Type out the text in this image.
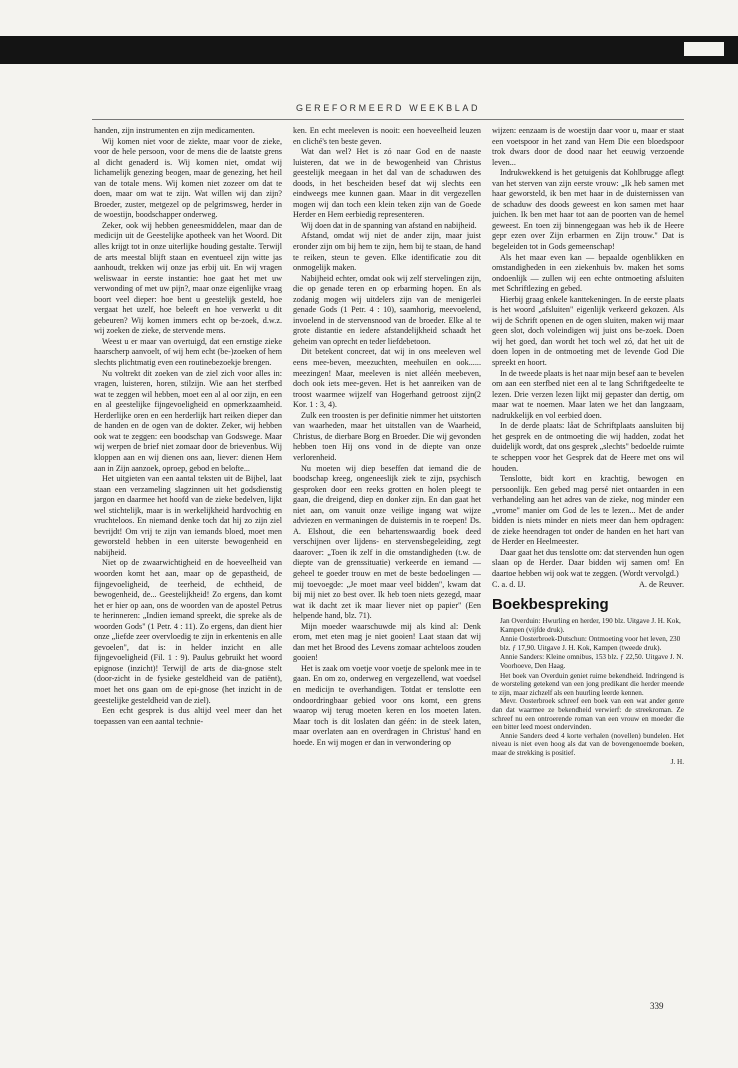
GEREFORMEERD WEEKBLAD

handen, zijn instrumenten en zijn medicamenten.

Wij komen niet voor de ziekte, maar voor de zieke, voor de hele persoon, voor de mens die de laatste grens al dicht genaderd is. Wij komen niet, omdat wij lichamelijk genezing beogen, maar de genezing, het heil van de totale mens. Wij komen niet zozeer om dat te doen, maar om wat te zijn. Wat willen wij dan zijn? Broeder, zuster, metgezel op de pelgrimsweg, herder in de woestijn, boodschapper onderweg.

Zeker, ook wij hebben geneesmiddelen, maar dan de medicijn uit de Geestelijke apotheek van het Woord. Dit alles krijgt tot in onze uiterlijke houding gestalte. Terwijl de arts meestal blijft staan en eventueel zijn witte jas aanhoudt, trekken wij onze jas erbij uit. En wij vragen weliswaar in eerste instantie: hoe gaat het met uw verwonding of met uw pijn?, maar onze eigenlijke vraag boort veel dieper: hoe bent u geestelijk gesteld, hoe vergaat het uzelf, hoe beleeft en hoe verwerkt u dit gebeuren? Wij komen immers echt op be-zoek, d.w.z. wij zoeken de zieke, de stervende mens.

Weest u er maar van overtuigd, dat een ernstige zieke haarscherp aanvoelt, of wij hem echt (be-)zoeken of hem slechts plichtmatig even een routinebezoekje brengen.

Nu voltrekt dit zoeken van de ziel zich voor alles in: vragen, luisteren, horen, stilzijn. Wie aan het sterfbed wat te zeggen wil hebben, moet een al al oor zijn, en een en al geestelijke fijngevoeligheid en opmerkzaamheid. Herderlijke oren en een herderlijk hart reiken dieper dan de handen en de ogen van de dokter. Zeker, wij hebben ook wat te zeggen: een boodschap van Godswege. Maar wij werpen de brief niet zomaar door de brievenbus. Wij kloppen aan en wij dienen ons aan, liever: dienen Hem aan in Zijn aanzoek, oproep, gebod en belofte...

Het uitgieten van een aantal teksten uit de Bijbel, laat staan een verzameling slagzinnen uit het godsdienstig jargon en daarmee het hoofd van de zieke bedelven, lijkt wel stichtelijk, maar is in werkelijkheid hardvochtig en vruchteloos. En niemand denke toch dat hij zo zijn ziel bevrijdt! Om vrij te zijn van iemands bloed, moet men geworsteld hebben in een uiterste bewogenheid en nabijheid.

Niet op de zwaarwichtigheid en de hoeveelheid van woorden komt het aan, maar op de gepastheid, de fijngevoeligheid, de teerheid, de echtheid, de bewogenheid, de... Geestelijkheid! Zo ergens, dan komt het er hier op aan, ons de woorden van de apostel Petrus te herinneren: „Indien iemand spreekt, die spreke als de woorden Gods" (1 Petr. 4 : 11). Zo ergens, dan dient hier onze „liefde zeer overvloedig te zijn in erkentenis en alle gevoelen", dat is: in helder inzicht en alle fijngevoeligheid (Fil. 1 : 9). Paulus gebruikt het woord epignose (inzicht)! Terwijl de arts de dia-gnose stelt (door-zicht in de fysieke gesteldheid van de patiënt), moet het ons gaan om de epi-gnose (het inzicht in de geestelijke gesteldheid van de ziel).

Een echt gesprek is dus altijd veel meer dan het toepassen van een aantal technie-

ken. En echt meeleven is nooit: een hoeveelheid leuzen en cliché's ten beste geven.

Wat dan wel? Het is zó naar God en de naaste luisteren, dat we in de bewogenheid van Christus geestelijk meegaan in het dal van de schaduwen des doods, in het bescheiden besef dat wij slechts een eindweegs mee kunnen gaan. Maar in dit vergezellen mogen wij dan toch een klein teken zijn van de Goede Herder en Hem eerbiedig representeren.

Wij doen dat in de spanning van afstand en nabijheid.

Afstand, omdat wij niet de ander zijn, maar juist eronder zijn om bij hem te zijn, hem bij te staan, de hand te reiken, steun te geven. Elke identificatie zou dit onmogelijk maken.

Nabijheid echter, omdat ook wij zelf stervelingen zijn, die op genade teren en op erbarming hopen. En als zodanig mogen wij uitdelers zijn van de menigerlei genade Gods (1 Petr. 4 : 10), saamhorig, meevoelend, invoelend in de stervensnood van de broeder. Elke al te grote distantie en iedere afstandelijkheid schaadt het geheim van oprecht en teder liefdebetoon.

Dit betekent concreet, dat wij in ons meeleven wel eens mee-beven, meezuchten, meehuilen en ook...... meezingen! Maar, meeleven is niet alléén meebeven, doch ook iets mee-geven. Het is het aanreiken van de troost waarmee wijzelf van Hogerhand getroost zijn(2 Kor. 1 : 3, 4).

Zulk een troosten is per definitie nimmer het uitstorten van waarheden, maar het uitstallen van de Waarheid, Christus, de dierbare Borg en Broeder. Die wij gevonden hebben toen Hij ons vond in de diepte van onze verlorenheid.

Nu moeten wij diep beseffen dat iemand die de boodschap kreeg, ongeneeslijk ziek te zijn, psychisch gesproken door een reeks grotten en holen pleegt te gaan, die dreigend, diep en donker zijn. En dan gaat het niet aan, om vanuit onze veilige ingang wat wijze adviezen en vermaningen de duisternis in te roepen! Ds. A. Elshout, die een behartenswaardig boek deed verschijnen over lijdens- en stervensbegeleiding, zegt daarover: „Toen ik zelf in die omstandigheden (t.w. de diepte van de grenssituatie) verkeerde en iemand — geheel te goeder trouw en met de beste bedoelingen — mij toevoegde: „Je moet maar veel bidden", kwam dat bij mij niet zo best over. Ik heb toen niets gezegd, maar wat ik dacht zet ik maar liever niet op papier" (Een helpende hand, blz. 71).

Mijn moeder waarschuwde mij als kind al: Denk erom, met eten mag je niet gooien! Laat staan dat wij dan met het Brood des Levens zomaar achteloos zouden gooien!

Het is zaak om voetje voor voetje de spelonk mee in te gaan. En om zo, onderweg en vergezellend, wat voedsel en medicijn te overhandigen. Totdat er tenslotte een ondoordringbaar gebied voor ons komt, een grens waarop wij terug moeten keren en los moeten laten. Maar toch is dit loslaten dan géén: in de steek laten, maar overlaten aan en overdragen in Christus' hand en hoede. En wij mogen er dan in verwondering op

wijzen: eenzaam is de woestijn daar voor u, maar er staat een voetspoor in het zand van Hem Die een bloedspoor trok dwars door de dood naar het eeuwig verzoende leven...

Indrukwekkend is het getuigenis dat Kohlbrugge aflegt van het sterven van zijn eerste vrouw: „Ik heb samen met haar geworsteld, ik ben met haar in de duisternissen van de schaduw des doods geweest en kon samen met haar juichen. Ik ben met haar tot aan de poorten van de hemel geweest. En toen zij binnengegaan was heb ik de Heere gepr ezen over Zijn erbarmen en Zijn trouw." Dat is begeleiden tot in Gods gemeenschap!

Als het maar even kan — bepaalde ogenblikken en omstandigheden in een ziekenhuis bv. maken het soms ondoenlijk — zullen wij een echte ontmoeting afsluiten met Schriftlezing en gebed.

Hierbij graag enkele kanttekeningen. In de eerste plaats is het woord „afsluiten" eigenlijk verkeerd gekozen. Als wij de Schrift openen en de ogen sluiten, maken wij maar geen slot, doch voleindigen wij juist ons be-zoek. Doen wij het goed, dan wordt het toch wel zó, dat het uit de doen lopen in de ontmoeting met de levende God Die spreekt en hoort.

In de tweede plaats is het naar mijn besef aan te bevelen om aan een sterfbed niet een al te lang Schriftgedeelte te lezen. Drie verzen lezen lijkt mij gepaster dan dertig, om maar wat te noemen. Maar laten we het dan langzaam, nadrukkelijk en vol eerbied doen.

In de derde plaats: låat de Schriftplaats aansluiten bij het gesprek en de ontmoeting die wij hadden, zodat het duidelijk wordt, dat ons gesprek „slechts" bedoelde ruimte te scheppen voor het Gesprek dat de Heere met ons wil houden.

Tenslotte, bidt kort en krachtig, bewogen en persoonlijk. Een gebed mag persé niet ontaarden in een verhandeling aan het adres van de zieke, nog minder een „vrome" manier om God de les te lezen... Met de ander bidden is niets minder en niets meer dan hem opdragen: de zieke heendragen tot onder de handen en het hart van de Herder en Heelmeester.

Daar gaat het dus tenslotte om: dat stervenden hun ogen slaan op de Herder. Daar bidden wij samen om! En daartoe hebben wij ook wat te zeggen. (Wordt vervolgd.)

C. a. d. IJ.	A. de Reuver.
Boekbespreking
Jan Overduin: Hwurling en herder, 190 blz. Uitgave J. H. Kok, Kampen (vijfde druk).
Annie Oosterbroek-Dutschun: Ontmoeting voor het leven, 230 blz. ƒ 17,90. Uitgave J. H. Kok, Kampen (tweede druk).
Annie Sanders: Kleine omnibus, 153 blz. ƒ 22,50. Uitgave J. N. Voorhoeve, Den Haag.

Het boek van Overduin geniet ruime bekendheid. Indringend is de worsteling getekend van een jong predikant die herder meende te zijn, maar zichzelf als een huurling leerde kennen.

Mevr. Oosterbroek schreef een boek van een wat ander genre dan dat waarmee ze bekendheid verwierf: de streekroman. Ze schreef nu een ontroerende roman van een vrouw en moeder die een bitter leed moest ondervinden.

Annie Sanders deed 4 korte verhalen (novellen) bundelen. Het niveau is niet even hoog als dat van de bovengenoemde boeken, maar de strekking is positief.

J. H.
339
